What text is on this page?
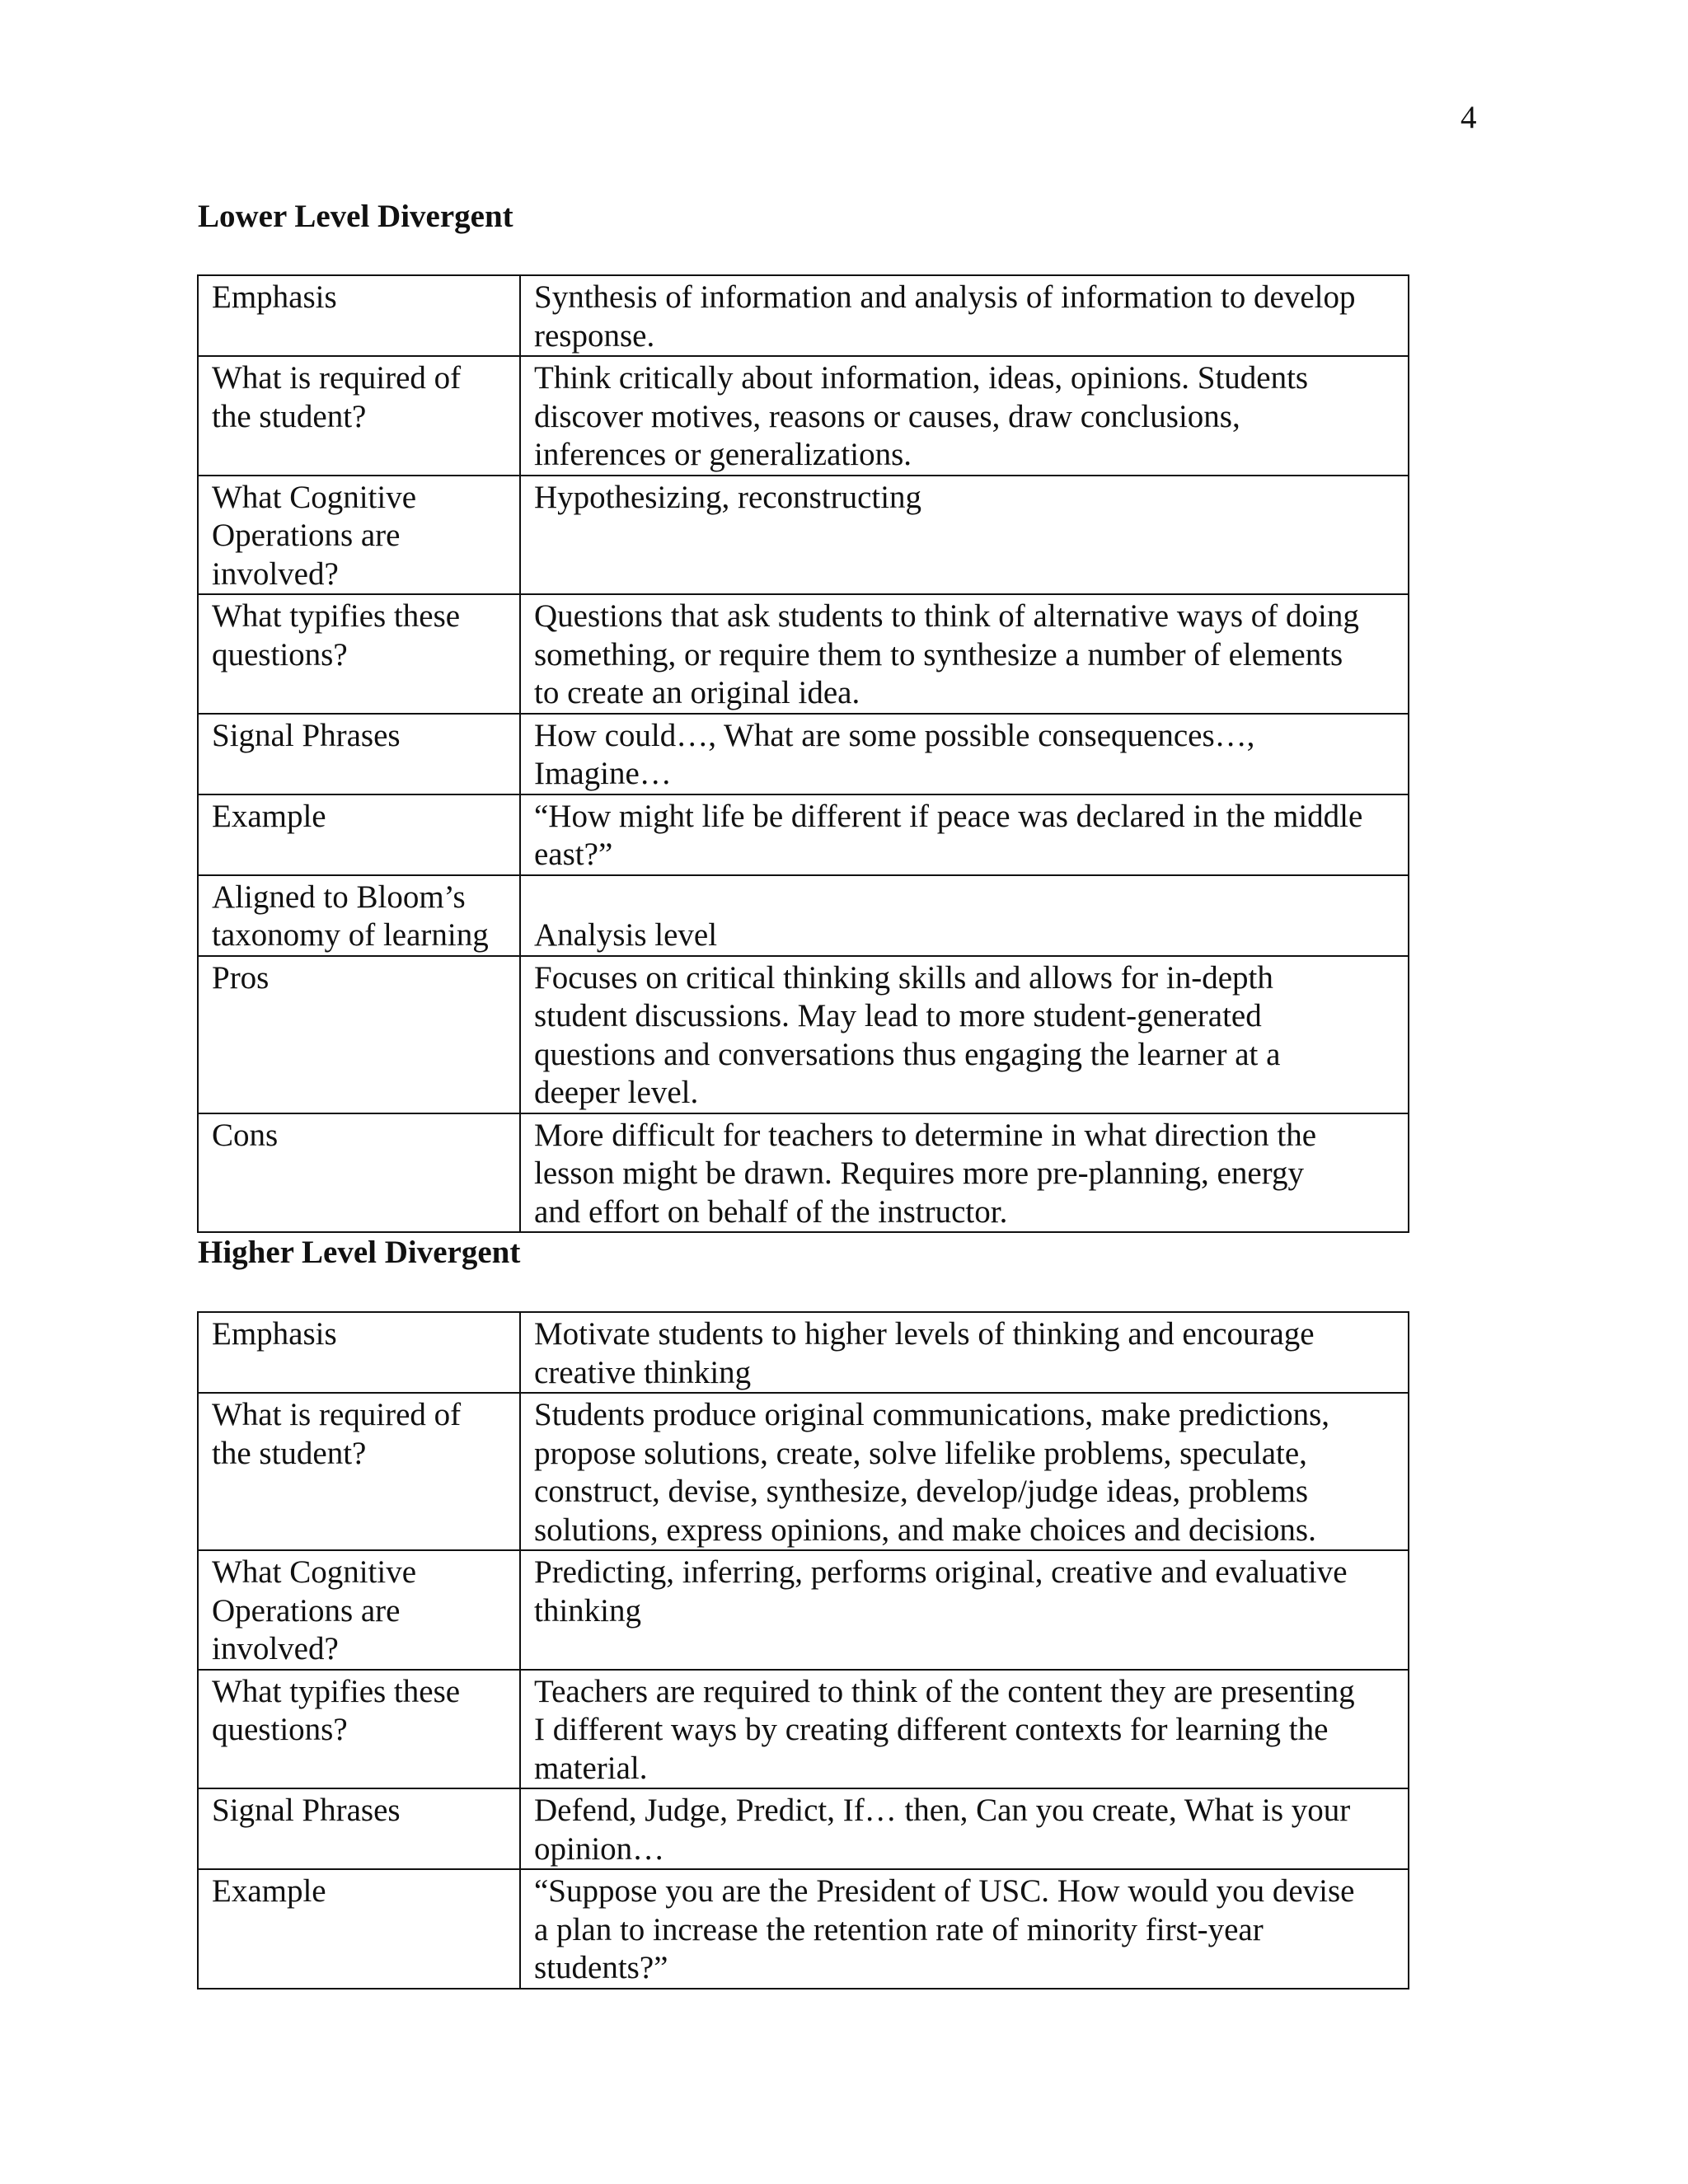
4
Lower Level Divergent
Emphasis	Synthesis of information and analysis of information to develop
response.
What is required of
the student?	Think critically about information, ideas, opinions. Students
discover motives, reasons or causes, draw conclusions,
inferences or generalizations.
What Cognitive
Operations are
involved?	Hypothesizing, reconstructing
What typifies these
questions?	Questions that ask students to think of alternative ways of doing
something, or require them to synthesize a number of elements
to create an original idea.
Signal Phrases	How could…, What are some possible consequences…,
Imagine…
Example	“How might life be different if peace was declared in the middle
east?”
Aligned to Bloom’s
taxonomy of learning	Analysis level
Pros	Focuses on critical thinking skills and allows for in-depth
student discussions. May lead to more student-generated
questions and conversations thus engaging the learner at a
deeper level.
Cons	More difficult for teachers to determine in what direction the
lesson might be drawn. Requires more pre-planning, energy
and effort on behalf of the instructor.
Higher Level Divergent
Emphasis	Motivate students to higher levels of thinking and encourage
creative thinking
What is required of
the student?	Students produce original communications, make predictions,
propose solutions, create, solve lifelike problems, speculate,
construct, devise, synthesize, develop/judge ideas, problems
solutions, express opinions, and make choices and decisions.
What Cognitive
Operations are
involved?	Predicting, inferring, performs original, creative and evaluative
thinking
What typifies these
questions?	Teachers are required to think of the content they are presenting
I different ways by creating different contexts for learning the
material.
Signal Phrases	Defend, Judge, Predict, If… then, Can you create, What is your
opinion…
Example	“Suppose you are the President of USC. How would you devise
a plan to increase the retention rate of minority first-year
students?”
